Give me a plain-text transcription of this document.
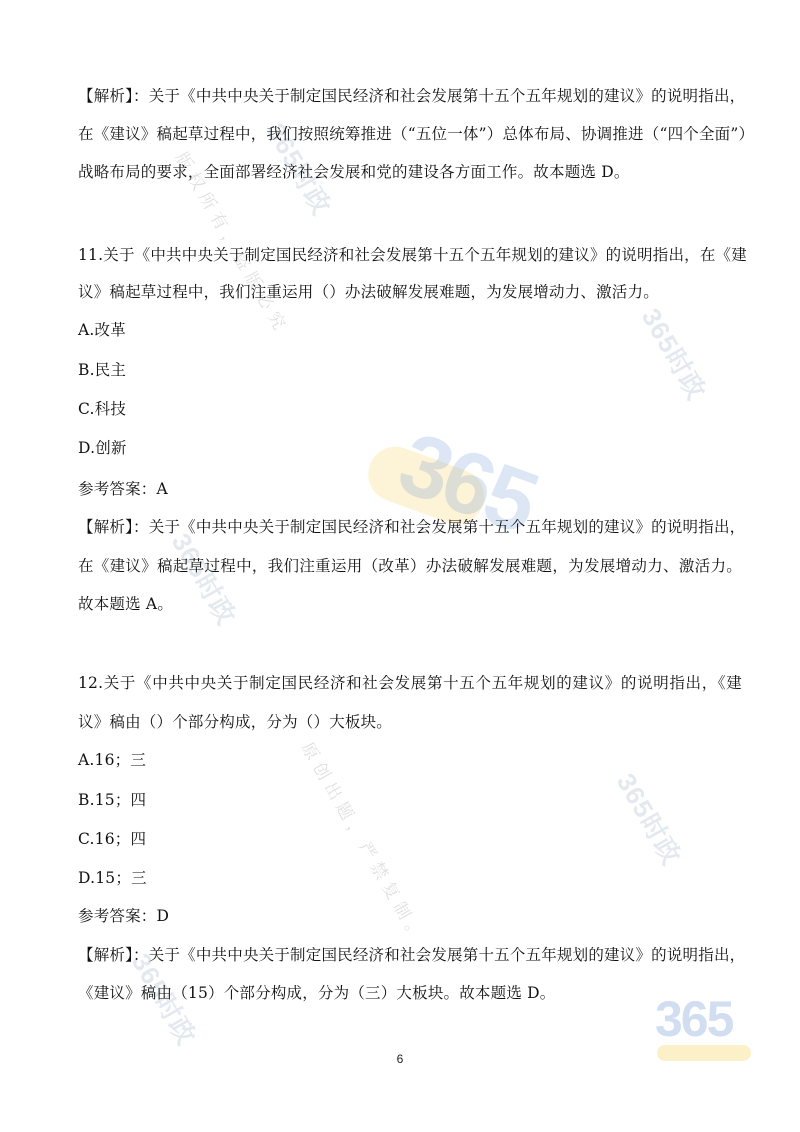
365时政
版权所有，盗版必究
365时政
365时政
365时政
原创出题，严禁复制。
365时政
365
365
【解析】：关于《中共中央关于制定国民经济和社会发展第十五个五年规划的建议》的说明指出，
在《建议》稿起草过程中，我们按照统筹推进（“五位一体”）总体布局、协调推进（“四个全面”）
战略布局的要求，全面部署经济社会发展和党的建设各方面工作。故本题选 D。
11.关于《中共中央关于制定国民经济和社会发展第十五个五年规划的建议》的说明指出，在《建
议》稿起草过程中，我们注重运用（）办法破解发展难题，为发展增动力、激活力。
A.改革
B.民主
C.科技
D.创新
参考答案：A
【解析】：关于《中共中央关于制定国民经济和社会发展第十五个五年规划的建议》的说明指出，
在《建议》稿起草过程中，我们注重运用（改革）办法破解发展难题，为发展增动力、激活力。
故本题选 A。
12.关于《中共中央关于制定国民经济和社会发展第十五个五年规划的建议》的说明指出，《建
议》稿由（）个部分构成，分为（）大板块。
A.16；三
B.15；四
C.16；四
D.15；三
参考答案：D
【解析】：关于《中共中央关于制定国民经济和社会发展第十五个五年规划的建议》的说明指出，
《建议》稿由（15）个部分构成，分为（三）大板块。故本题选 D。
6
